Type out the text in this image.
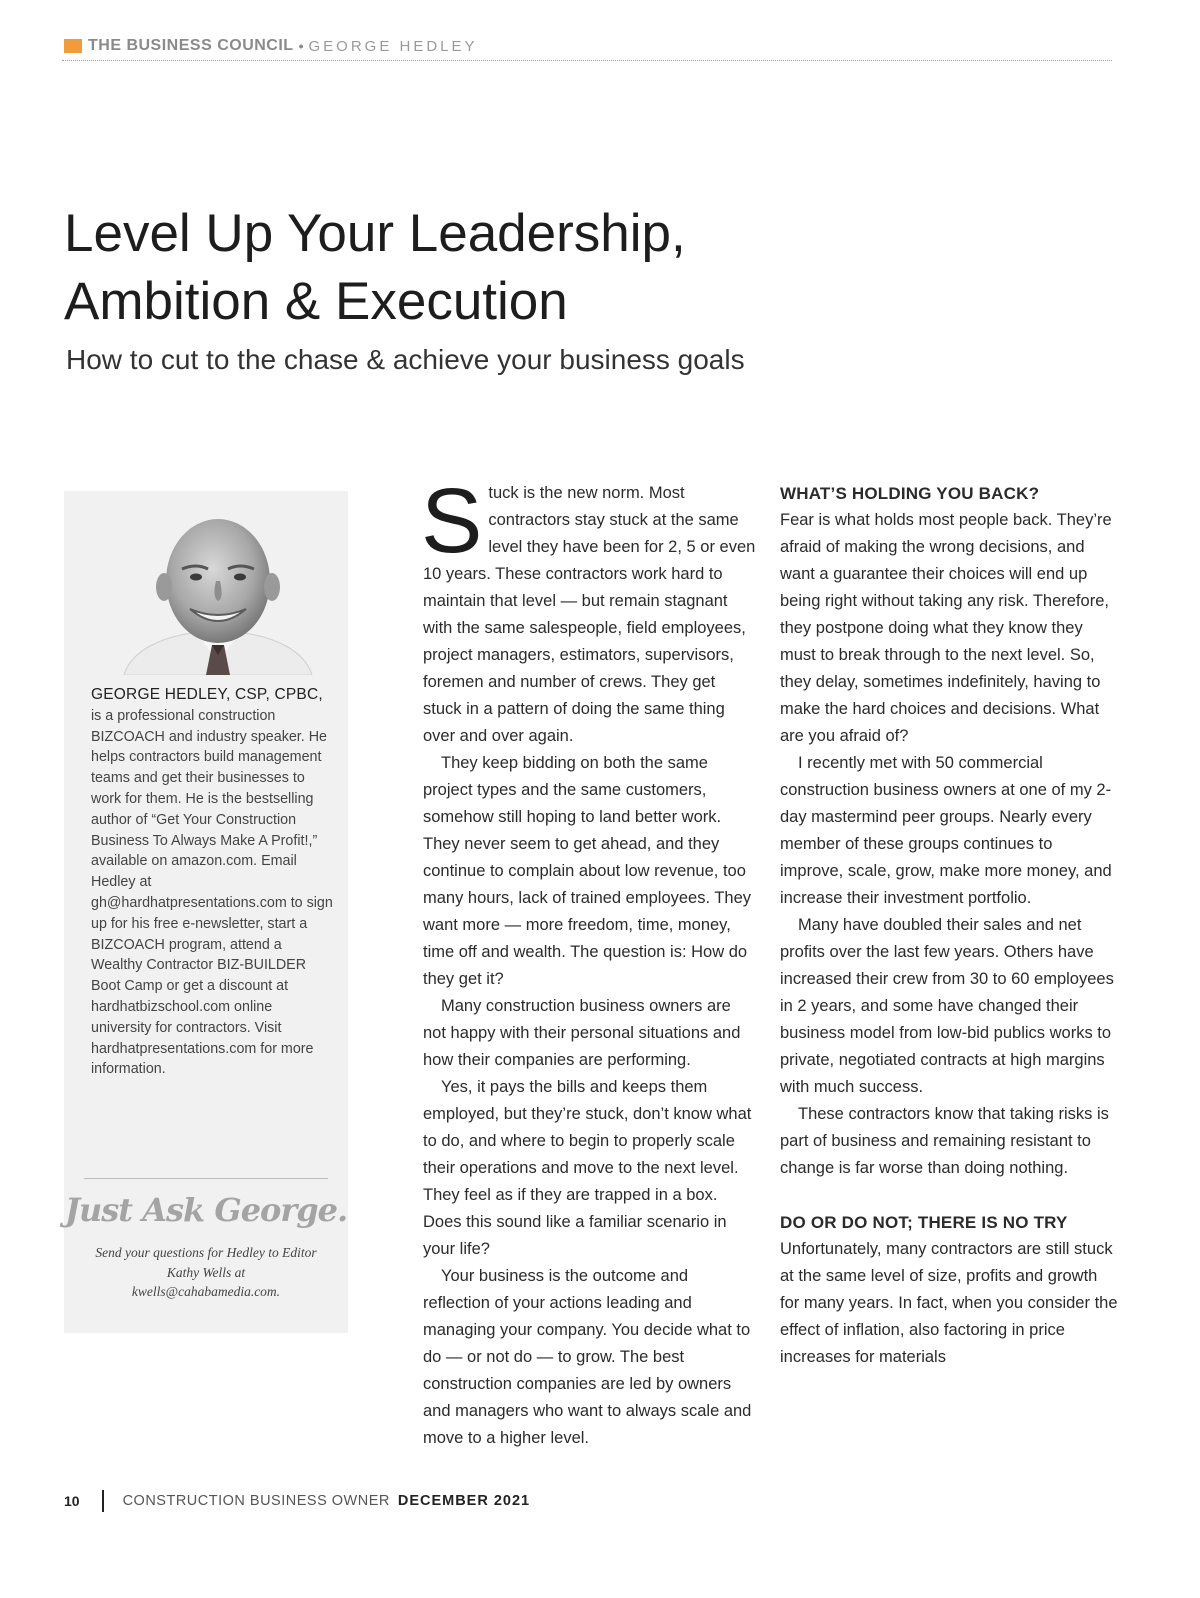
THE BUSINESS COUNCIL • GEORGE HEDLEY
Level Up Your Leadership,
Ambition & Execution
How to cut to the chase & achieve your business goals

GEORGE HEDLEY, CSP, CPBC, is a professional construction BIZCOACH and industry speaker. He helps contractors build management teams and get their businesses to work for them. He is the bestselling author of “Get Your Construction Business To Always Make A Profit!,” available on amazon.com. Email Hedley at gh@hardhatpresentations.com to sign up for his free e-newsletter, start a BIZCOACH program, attend a Wealthy Contractor BIZ-BUILDER Boot Camp or get a discount at hardhatbizschool.com online university for contractors. Visit hardhatpresentations.com for more information.

Just Ask George.

Send your questions for Hedley to Editor Kathy Wells at kwells@cahabamedia.com.

Stuck is the new norm. Most contractors stay stuck at the same level they have been for 2, 5 or even 10 years. These contractors work hard to maintain that level — but remain stagnant with the same salespeople, field employees, project managers, estimators, supervisors, foremen and number of crews. They get stuck in a pattern of doing the same thing over and over again.

They keep bidding on both the same project types and the same customers, somehow still hoping to land better work. They never seem to get ahead, and they continue to complain about low revenue, too many hours, lack of trained employees. They want more — more freedom, time, money, time off and wealth. The question is: How do they get it?

Many construction business owners are not happy with their personal situations and how their companies are performing.

Yes, it pays the bills and keeps them employed, but they’re stuck, don’t know what to do, and where to begin to properly scale their operations and move to the next level. They feel as if they are trapped in a box. Does this sound like a familiar scenario in your life?

Your business is the outcome and reflection of your actions leading and managing your company. You decide what to do — or not do — to grow. The best construction companies are led by owners and managers who want to always scale and move to a higher level.

WHAT’S HOLDING YOU BACK?

Fear is what holds most people back. They’re afraid of making the wrong decisions, and want a guarantee their choices will end up being right without taking any risk. Therefore, they postpone doing what they know they must to break through to the next level. So, they delay, sometimes indefinitely, having to make the hard choices and decisions. What are you afraid of?

I recently met with 50 commercial construction business owners at one of my 2-day mastermind peer groups. Nearly every member of these groups continues to improve, scale, grow, make more money, and increase their investment portfolio.

Many have doubled their sales and net profits over the last few years. Others have increased their crew from 30 to 60 employees in 2 years, and some have changed their business model from low-bid publics works to private, negotiated contracts at high margins with much success.

These contractors know that taking risks is part of business and remaining resistant to change is far worse than doing nothing.

DO OR DO NOT; THERE IS NO TRY

Unfortunately, many contractors are still stuck at the same level of size, profits and growth for many years. In fact, when you consider the effect of inflation, also factoring in price increases for materials

10	CONSTRUCTION BUSINESS OWNER DECEMBER 2021
